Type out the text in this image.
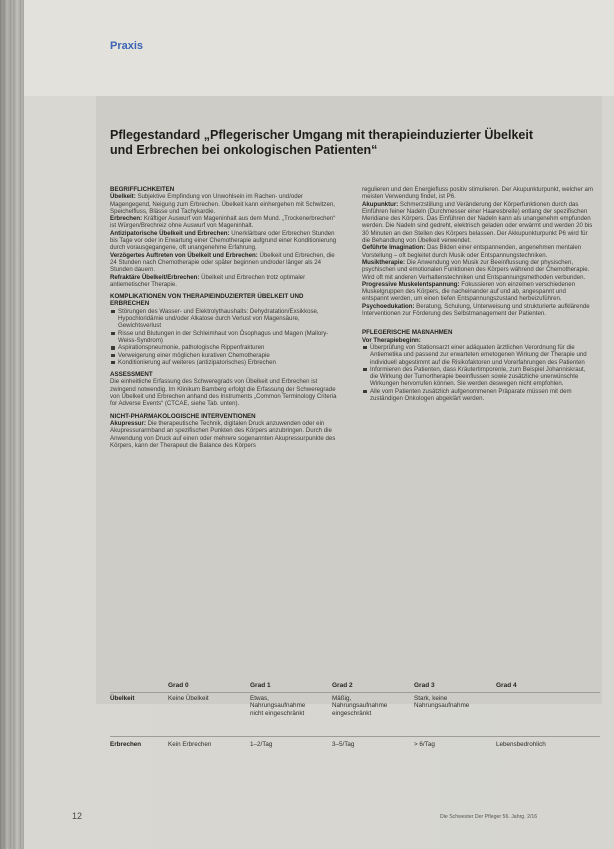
Praxis
Pflegestandard „Pflegerischer Umgang mit therapieinduzierter Übelkeit und Erbrechen bei onkologischen Patienten“
BEGRIFFLICHKEITEN

Übelkeit: Subjektive Empfindung von Unwohlsein im Rachen- und/oder Magengegend, Neigung zum Erbrechen. Übelkeit kann einhergehen mit Schwitzen, Speichelfluss, Blässe und Tachykardie.

Erbrechen: Kräftiger Auswurf von Mageninhalt aus dem Mund. „Trockenerbrechen“ ist Würgen/Brechreiz ohne Auswurf von Mageninhalt.

Antizipatorische Übelkeit und Erbrechen: Unerklärbare oder Erbrechen Stunden bis Tage vor oder in Erwartung einer Chemotherapie aufgrund einer Konditionierung durch vorausgegangene, oft unangenehme Erfahrung.

Verzögertes Auftreten von Übelkeit und Erbrechen: Übelkeit und Erbrechen, die 24 Stunden nach Chemotherapie oder später beginnen und/oder länger als 24 Stunden dauern.

Refraktäre Übelkeit/Erbrechen: Übelkeit und Erbrechen trotz optimaler antiemetischer Therapie.

KOMPLIKATIONEN VON THERAPIEINDUZIERTER ÜBELKEIT UND ERBRECHEN
Störungen des Wasser- und Elektrolythaushalts: Dehydratation/Exsikkose, Hypochloridämie und/oder Alkalose durch Verlust von Magensäure, Gewichtsverlust
Risse und Blutungen in der Schleimhaut von Ösophagus und Magen (Mallory-Weiss-Syndrom)
Aspirationspneumonie, pathologische Rippenfrakturen
Verweigerung einer möglichen kurativen Chemotherapie
Konditionierung auf weiteres (antizipatorisches) Erbrechen
ASSESSMENT

Die einheitliche Erfassung des Schweregrads von Übelkeit und Erbrechen ist zwingend notwendig. Im Klinikum Bamberg erfolgt die Erfassung der Schweregrade von Übelkeit und Erbrechen anhand des Instruments „Common Terminology Criteria for Adverse Events“ (CTCAE, siehe Tab. unten).

NICHT-PHARMAKOLOGISCHE INTERVENTIONEN

Akupressur: Die therapeutische Technik, digitalen Druck anzuwenden oder ein Akupressurarmband an spezifischen Punkten des Körpers anzubringen. Durch die Anwendung von Druck auf einen oder mehrere sogenannten Akupressurpunkte des Körpers, kann der Therapeut die Balance des Körpers

regulieren und den Energiefluss positiv stimulieren. Der Akupunkturpunkt, welcher am meisten Verwendung findet, ist P6.

Akupunktur: Schmerzstillung und Veränderung der Körperfunktionen durch das Einführen feiner Nadeln (Durchmesser einer Haaresbreite) entlang der spezifischen Meridiane des Körpers. Das Einführen der Nadeln kann als unangenehm empfunden werden. Die Nadeln sind gedreht, elektrisch geladen oder erwärmt und werden 20 bis 30 Minuten an den Stellen des Körpers belassen. Der Akkupunkturpunkt P6 wird für die Behandlung von Übelkeit verwendet.

Geführte Imagination: Das Bilden einer entspannenden, angenehmen mentalen Vorstellung – oft begleitet durch Musik oder Entspannungstechniken.

Musiktherapie: Die Anwendung von Musik zur Beeinflussung der physischen, psychischen und emotionalen Funktionen des Körpers während der Chemotherapie. Wird oft mit anderen Verhaltenstechniken und Entspannungsmethoden verbunden.

Progressive Muskelentspannung: Fokussieren von einzelnen verschiedenen Muskelgruppen des Körpers, die nacheinander auf und ab, angespannt und entspannt werden, um einen tiefen Entspannungszustand herbeizuführen.

Psychoedukation: Beratung, Schulung, Unterweisung und strukturierte aufklärende Interventionen zur Förderung des Selbstmanagement der Patienten.

PFLEGERISCHE MAßNAHMEN

Vor Therapiebeginn:

Überprüfung von Stationsarzt einer adäquaten ärztlichen Verordnung für die Antiemetika und passend zur erwarteten emetogenen Wirkung der Therapie und individuell abgestimmt auf die Risikofaktoren und Vorerfahrungen des Patienten
Informieren des Patienten, dass Kräutertimporenle, zum Beispiel Johanniskraut, die Wirkung der Tumortherapie beeinflussen sowie zusätzliche unerwünschte Wirkungen hervorrufen können. Sie werden deswegen nicht empfohlen.
Alle vom Patienten zusätzlich aufgenommenen Präparate müssen mit dem zuständigen Onkologen abgeklärt werden.
	Grad 0	Grad 1	Grad 2	Grad 3	Grad 4
Übelkeit	Keine Übelkeit	Etwas, Nahrungsaufnahme nicht eingeschränkt	Mäßig, Nahrungsaufnahme eingeschränkt	Stark, keine Nahrungsaufnahme	
Erbrechen	Kein Erbrechen	1–2/Tag	3–5/Tag	> 6/Tag	Lebensbedrohlich
12	Die Schwester Der Pfleger 56. Jahrg. 2/16
